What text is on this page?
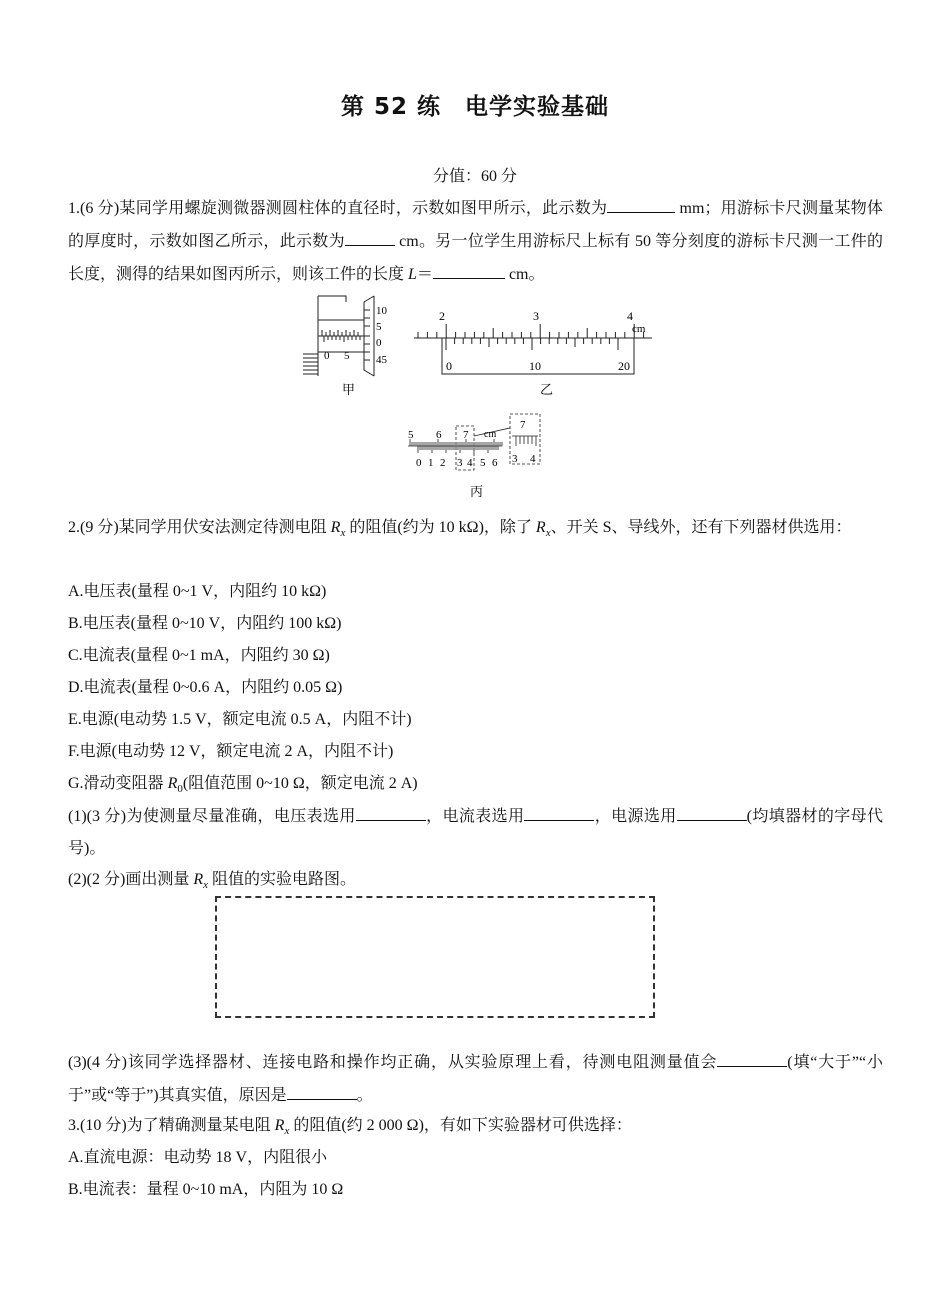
第 52 练　电学实验基础
分值：60 分
1.(6 分)某同学用螺旋测微器测圆柱体的直径时，示数如图甲所示，此示数为	mm；用游标卡尺测量某物体的厚度时，示数如图乙所示，此示数为	cm。另一位学生用游标尺上标有 50 等分刻度的游标卡尺测一工件的长度，测得的结果如图丙所示，则该工件的长度 L＝	cm。
0 5
10
5
0
45
甲
2	3	4
cm
0	10	20
乙
5 6 7 cm
0 1 2 3 4 5 6
7
3 4
丙
2.(9 分)某同学用伏安法测定待测电阻 $R_x$ 的阻值(约为 10 kΩ)，除了 $R_x$、开关 S、导线外，还有下列器材供选用：
A.电压表(量程 0~1 V，内阻约 10 kΩ)
B.电压表(量程 0~10 V，内阻约 100 kΩ)
C.电流表(量程 0~1 mA，内阻约 30 Ω)
D.电流表(量程 0~0.6 A，内阻约 0.05 Ω)
E.电源(电动势 1.5 V，额定电流 0.5 A，内阻不计)
F.电源(电动势 12 V，额定电流 2 A，内阻不计)
G.滑动变阻器 $R_0$(阻值范围 0~10 Ω，额定电流 2 A)
(1)(3 分)为使测量尽量准确，电压表选用	，电流表选用	，电源选用	(均填器材的字母代号)。
(2)(2 分)画出测量 $R_x$ 阻值的实验电路图。
(3)(4 分)该同学选择器材、连接电路和操作均正确，从实验原理上看，待测电阻测量值会	(填“大于”“小于”或“等于”)其真实值，原因是	。
3.(10 分)为了精确测量某电阻 $R_x$ 的阻值(约 2 000 Ω)，有如下实验器材可供选择：
A.直流电源：电动势 18 V，内阻很小
B.电流表：量程 0~10 mA，内阻为 10 Ω
